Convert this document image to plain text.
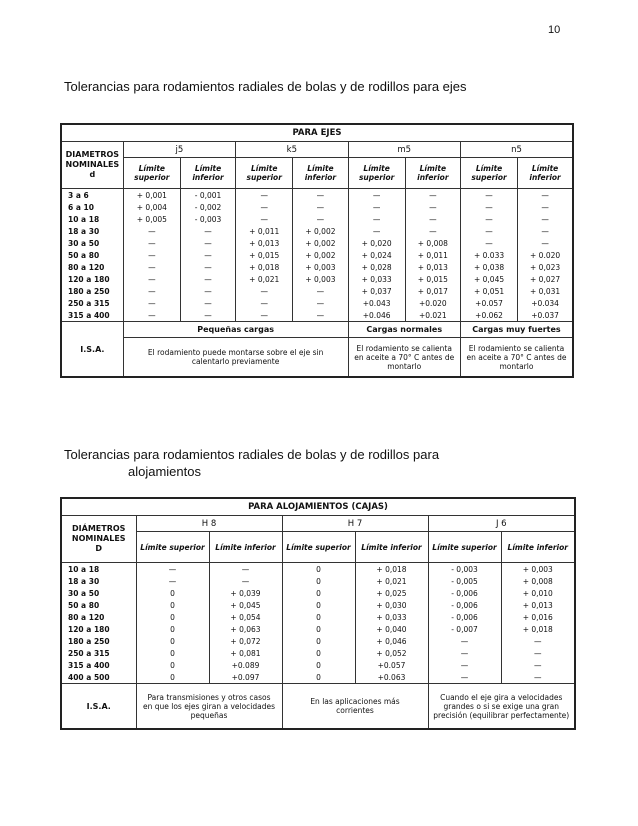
10
Tolerancias para rodamientos radiales de bolas y de rodillos para ejes
Tolerancias para rodamientos radiales de bolas y de rodillos para
alojamientos
PARA EJES								
DIAMETROS
NOMINALES
d	j5		k5		m5		n5	
	Límite superior	Límite inferior	Límite superior	Límite inferior	Límite superior	Límite inferior	Límite superior	Límite inferior
3 a 6	+ 0,001	- 0,001	—	—	—	—	—	—
6 a 10	+ 0,004	- 0,002	—	—	—	—	—	—
10 a 18	+ 0,005	- 0,003	—	—	—	—	—	—
18 a 30	—	—	+ 0,011	+ 0,002	—	—	—	—
30 a 50	—	—	+ 0,013	+ 0,002	+ 0,020	+ 0,008	—	—
50 a 80	—	—	+ 0,015	+ 0,002	+ 0,024	+ 0,011	+ 0.033	+ 0.020
80 a 120	—	—	+ 0,018	+ 0,003	+ 0,028	+ 0,013	+ 0,038	+ 0,023
120 a 180	—	—	+ 0,021	+ 0,003	+ 0,033	+ 0,015	+ 0,045	+ 0,027
180 a 250	—	—	—	—	+ 0,037	+ 0,017	+ 0,051	+ 0,031
250 a 315	—	—	—	—	+0.043	+0.020	+0.057	+0.034
315 a 400	—	—	—	—	+0.046	+0.021	+0.062	+0.037
I.S.A.	Pequeñas cargas				Cargas normales		Cargas muy fuertes	
	El rodamiento puede montarse sobre el eje sin calentarlo previamente				El rodamiento se calienta en aceite a 70° C antes de montarlo		El rodamiento se calienta en aceite a 70° C antes de montarlo	
PARA ALOJAMIENTOS (CAJAS)						
DIÁMETROS
NOMINALES
D	H 8		H 7		J 6	
	Límite superior	Límite inferior	Límite superior	Límite inferior	Límite superior	Límite inferior
10 a 18	—	—	0	+ 0,018	- 0,003	+ 0,003
18 a 30	—	—	0	+ 0,021	- 0,005	+ 0,008
30 a 50	0	+ 0,039	0	+ 0,025	- 0,006	+ 0,010
50 a 80	0	+ 0,045	0	+ 0,030	- 0,006	+ 0,013
80 a 120	0	+ 0,054	0	+ 0,033	- 0,006	+ 0,016
120 a 180	0	+ 0,063	0	+ 0,040	- 0,007	+ 0,018
180 a 250	0	+ 0,072	0	+ 0,046	—	—
250 a 315	0	+ 0,081	0	+ 0,052	—	—
315 a 400	0	+0.089	0	+0.057	—	—
400 a 500	0	+0.097	0	+0.063	—	—
I.S.A.	Para transmisiones y otros casos en que los ejes giran a velocidades pequeñas		En las aplicaciones más corrientes		Cuando el eje gira a velocidades grandes o si se exige una gran precisión (equilibrar perfectamente)	
